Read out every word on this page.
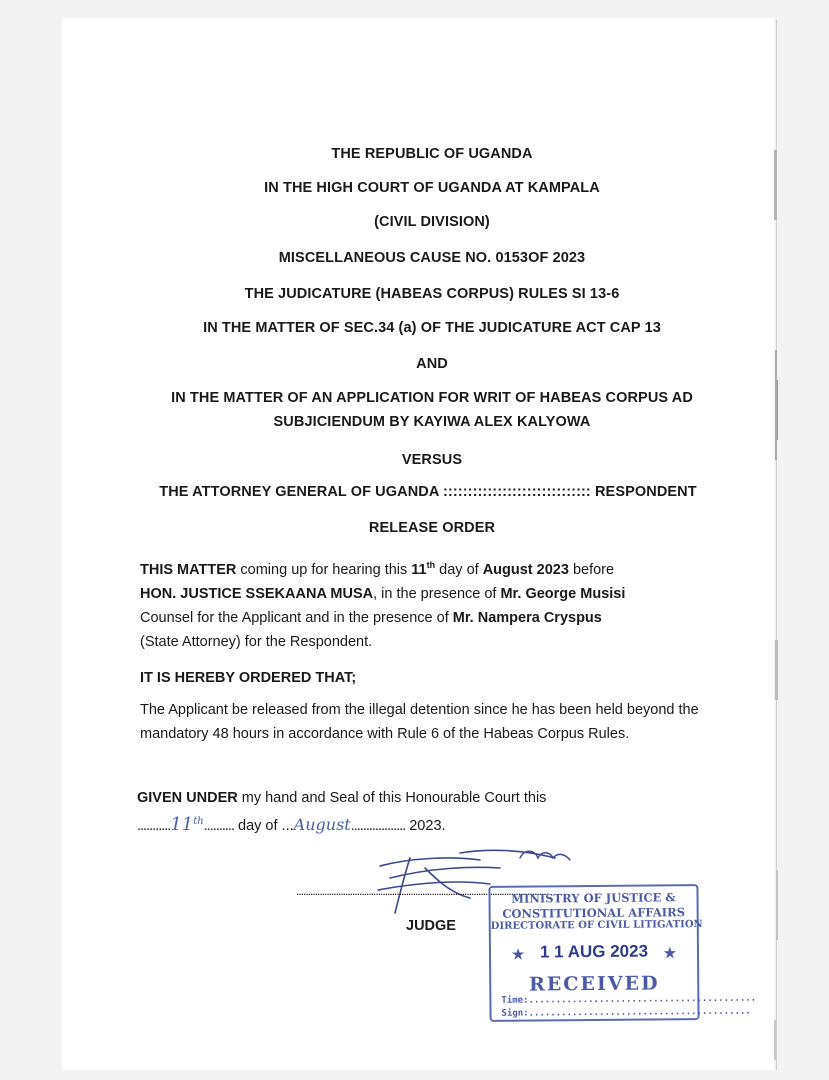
THE REPUBLIC OF UGANDA
IN THE HIGH COURT OF UGANDA AT KAMPALA
(CIVIL DIVISION)
MISCELLANEOUS CAUSE NO. 0153OF 2023
THE JUDICATURE (HABEAS CORPUS) RULES SI 13-6
IN THE MATTER OF SEC.34 (a) OF THE JUDICATURE ACT CAP 13
AND
IN THE MATTER OF AN APPLICATION FOR WRIT OF HABEAS CORPUS AD
SUBJICIENDUM BY KAYIWA ALEX KALYOWA
VERSUS
THE ATTORNEY GENERAL OF UGANDA :::::::::::::::::::::::::::::: RESPONDENT
RELEASE ORDER
THIS MATTER coming up for hearing this 11th day of August 2023 before
HON. JUSTICE SSEKAANA MUSA, in the presence of Mr. George Musisi
Counsel for the Applicant and in the presence of Mr. Nampera Cryspus
(State Attorney) for the Respondent.
IT IS HEREBY ORDERED THAT;
The Applicant be released from the illegal detention since he has been held beyond the mandatory 48 hours in accordance with Rule 6 of the Habeas Corpus Rules.
GIVEN UNDER my hand and Seal of this Honourable Court this
...........11th.......... day of ...August.................. 2023.
............................................................................................................
JUDGE
MINISTRY OF JUSTICE &
CONSTITUTIONAL AFFAIRS
DIRECTORATE OF CIVIL LITIGATION
★ 1 1 AUG 2023 ★
RECEIVED
Time:..........................................
Sign:.........................................
